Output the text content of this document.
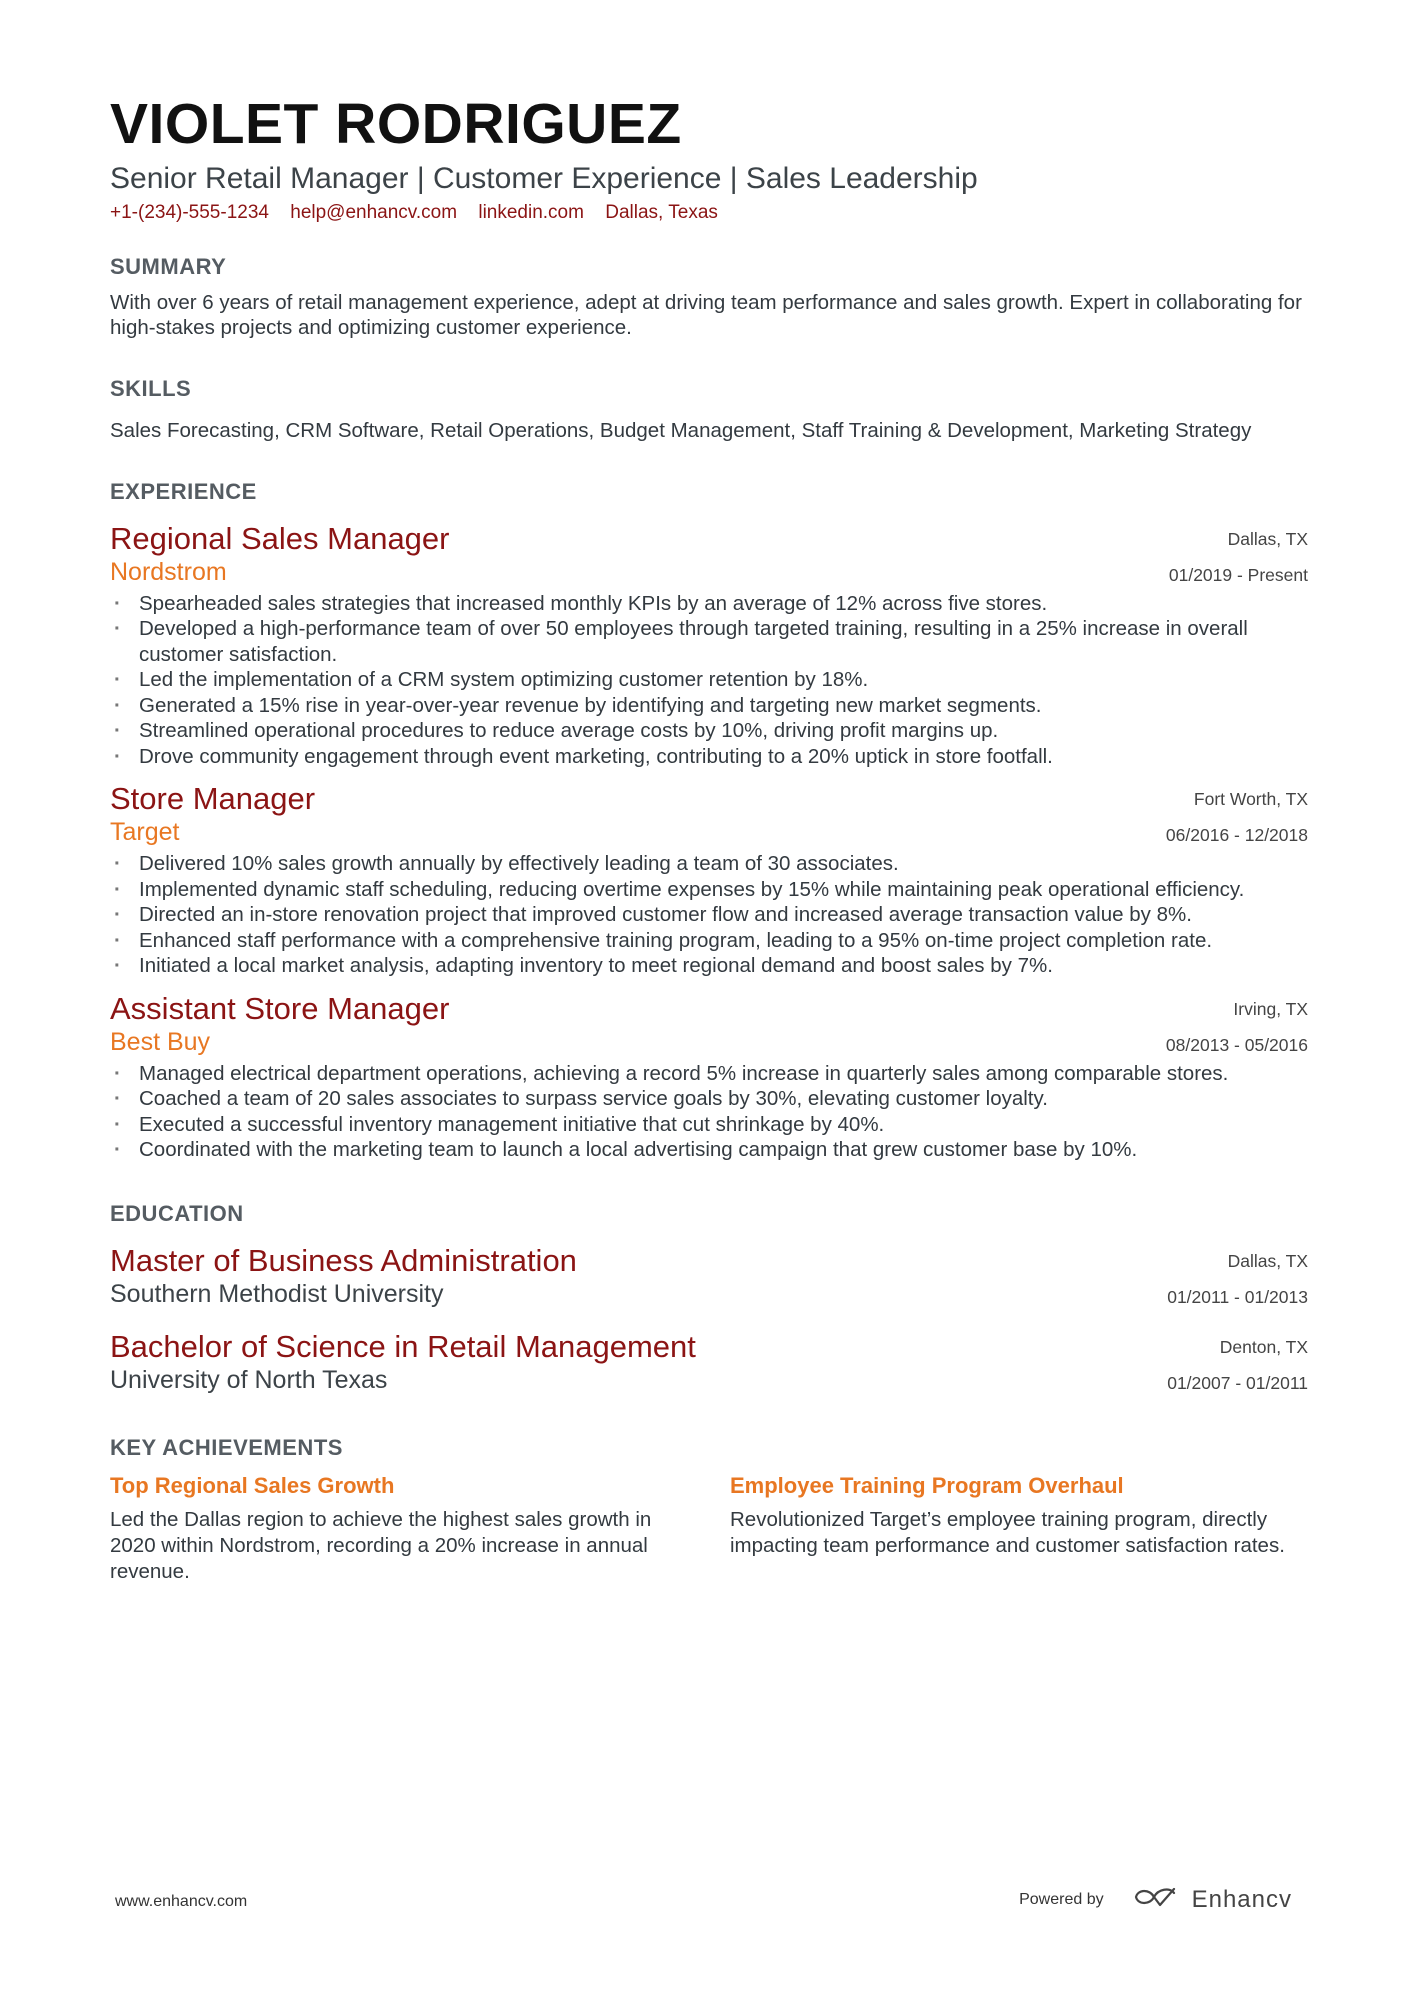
VIOLET RODRIGUEZ
Senior Retail Manager | Customer Experience | Sales Leadership
+1-(234)-555-1234 help@enhancv.com linkedin.com Dallas, Texas
SUMMARY
With over 6 years of retail management experience, adept at driving team performance and sales growth. Expert in collaborating for high-stakes projects and optimizing customer experience.
SKILLS
Sales Forecasting, CRM Software, Retail Operations, Budget Management, Staff Training & Development, Marketing Strategy
EXPERIENCE
Regional Sales Manager
Nordstrom
Dallas, TX
01/2019 - Present
· Spearheaded sales strategies that increased monthly KPIs by an average of 12% across five stores.
· Developed a high-performance team of over 50 employees through targeted training, resulting in a 25% increase in overall customer satisfaction.
· Led the implementation of a CRM system optimizing customer retention by 18%.
· Generated a 15% rise in year-over-year revenue by identifying and targeting new market segments.
· Streamlined operational procedures to reduce average costs by 10%, driving profit margins up.
· Drove community engagement through event marketing, contributing to a 20% uptick in store footfall.
Store Manager
Target
Fort Worth, TX
06/2016 - 12/2018
· Delivered 10% sales growth annually by effectively leading a team of 30 associates.
· Implemented dynamic staff scheduling, reducing overtime expenses by 15% while maintaining peak operational efficiency.
· Directed an in-store renovation project that improved customer flow and increased average transaction value by 8%.
· Enhanced staff performance with a comprehensive training program, leading to a 95% on-time project completion rate.
· Initiated a local market analysis, adapting inventory to meet regional demand and boost sales by 7%.
Assistant Store Manager
Best Buy
Irving, TX
08/2013 - 05/2016
· Managed electrical department operations, achieving a record 5% increase in quarterly sales among comparable stores.
· Coached a team of 20 sales associates to surpass service goals by 30%, elevating customer loyalty.
· Executed a successful inventory management initiative that cut shrinkage by 40%.
· Coordinated with the marketing team to launch a local advertising campaign that grew customer base by 10%.
EDUCATION
Master of Business Administration
Southern Methodist University
Dallas, TX
01/2011 - 01/2013
Bachelor of Science in Retail Management
University of North Texas
Denton, TX
01/2007 - 01/2011
KEY ACHIEVEMENTS
Top Regional Sales Growth
Led the Dallas region to achieve the highest sales growth in 2020 within Nordstrom, recording a 20% increase in annual revenue.
Employee Training Program Overhaul
Revolutionized Target’s employee training program, directly impacting team performance and customer satisfaction rates.
www.enhancv.com	Powered by	Enhancv
